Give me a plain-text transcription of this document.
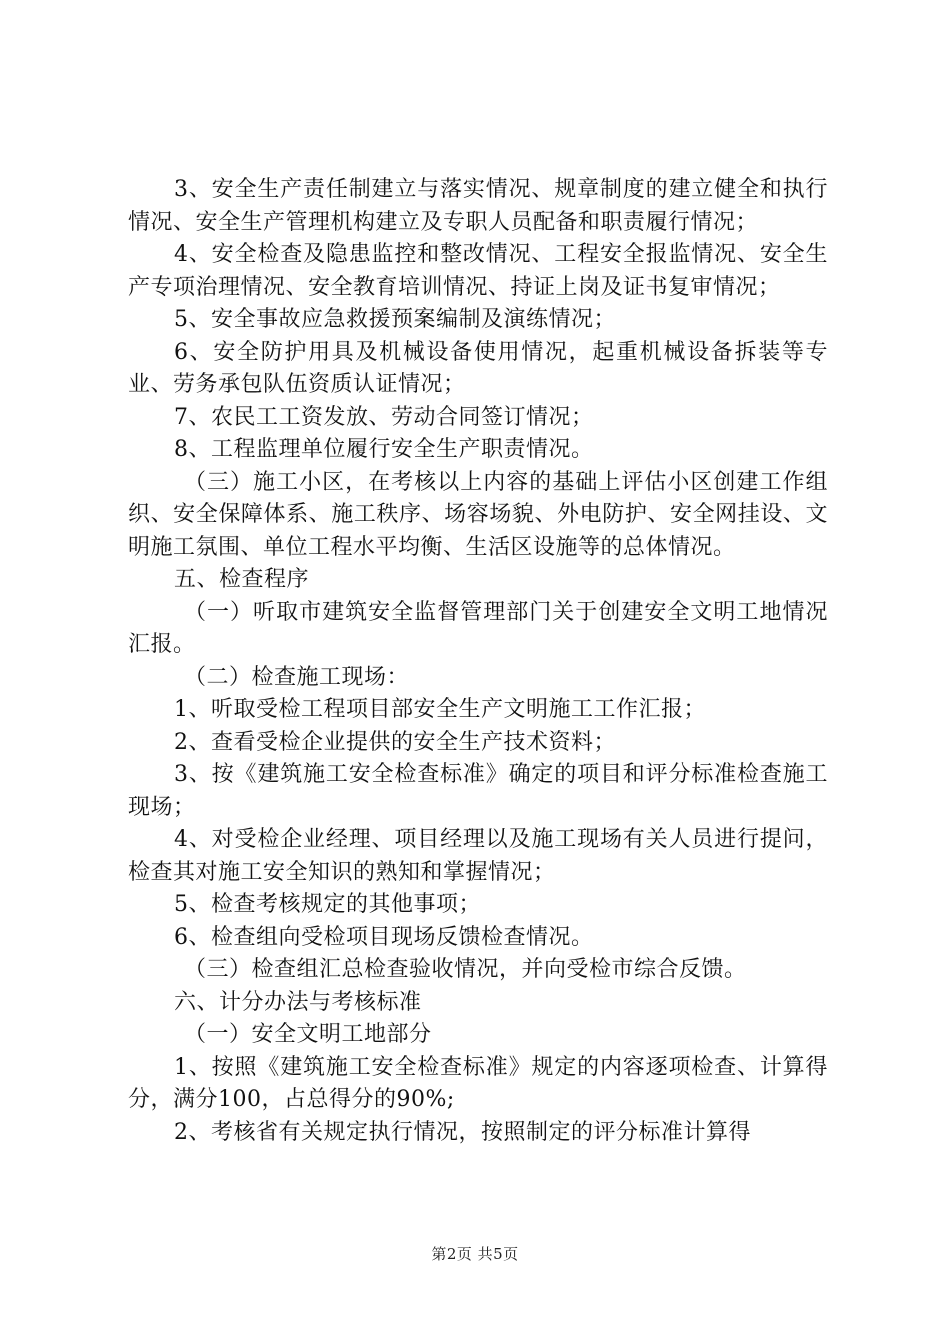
3、安全生产责任制建立与落实情况、规章制度的建立健全和执行情况、安全生产管理机构建立及专职人员配备和职责履行情况；

4、安全检查及隐患监控和整改情况、工程安全报监情况、安全生产专项治理情况、安全教育培训情况、持证上岗及证书复审情况；

5、安全事故应急救援预案编制及演练情况；

6、安全防护用具及机械设备使用情况，起重机械设备拆装等专业、劳务承包队伍资质认证情况；

7、农民工工资发放、劳动合同签订情况；

8、工程监理单位履行安全生产职责情况。

（三）施工小区，在考核以上内容的基础上评估小区创建工作组织、安全保障体系、施工秩序、场容场貌、外电防护、安全网挂设、文明施工氛围、单位工程水平均衡、生活区设施等的总体情况。

五、检查程序

（一）听取市建筑安全监督管理部门关于创建安全文明工地情况汇报。

（二）检查施工现场：

1、听取受检工程项目部安全生产文明施工工作汇报；

2、查看受检企业提供的安全生产技术资料；

3、按《建筑施工安全检查标准》确定的项目和评分标准检查施工现场；

4、对受检企业经理、项目经理以及施工现场有关人员进行提问，检查其对施工安全知识的熟知和掌握情况；

5、检查考核规定的其他事项；

6、检查组向受检项目现场反馈检查情况。

（三）检查组汇总检查验收情况，并向受检市综合反馈。

六、计分办法与考核标准

（一）安全文明工地部分

1、按照《建筑施工安全检查标准》规定的内容逐项检查、计算得分，满分100，占总得分的90%;

2、考核省有关规定执行情况，按照制定的评分标准计算得

第2页 共5页
